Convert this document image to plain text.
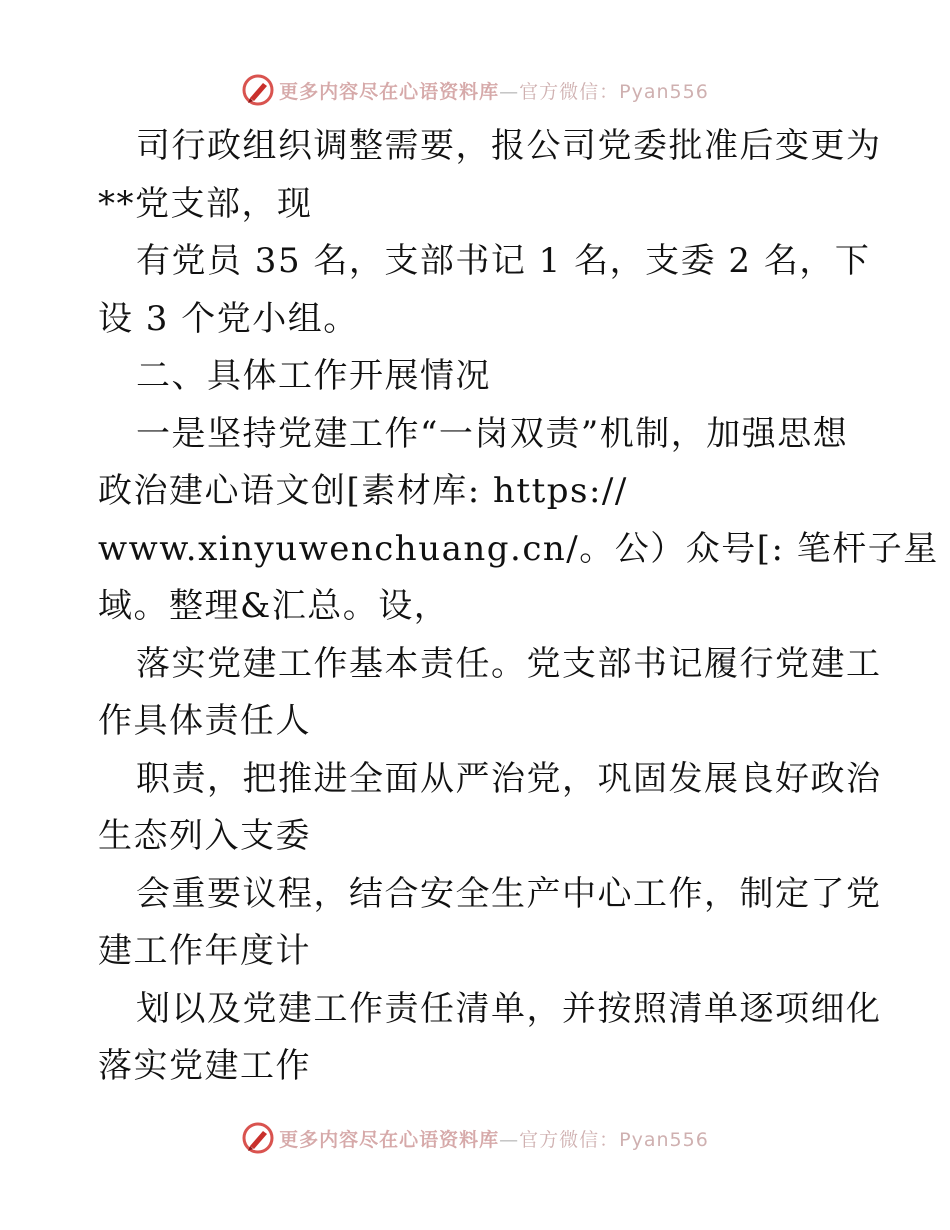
更多内容尽在心语资料库—官方微信：Pyan556
司行政组织调整需要，报公司党委批准后变更为
**党支部，现
有党员 35 名，支部书记 1 名，支委 2 名，下
设 3 个党小组。
二、具体工作开展情况
一是坚持党建工作“一岗双责”机制，加强思想
政治建心语文创[素材库: https://
www.xinyuwenchuang.cn/。公）众号[: 笔杆子星
域。整理&汇总。设，
落实党建工作基本责任。党支部书记履行党建工
作具体责任人
职责，把推进全面从严治党，巩固发展良好政治
生态列入支委
会重要议程，结合安全生产中心工作，制定了党
建工作年度计
划以及党建工作责任清单，并按照清单逐项细化
落实党建工作
更多内容尽在心语资料库—官方微信：Pyan556
